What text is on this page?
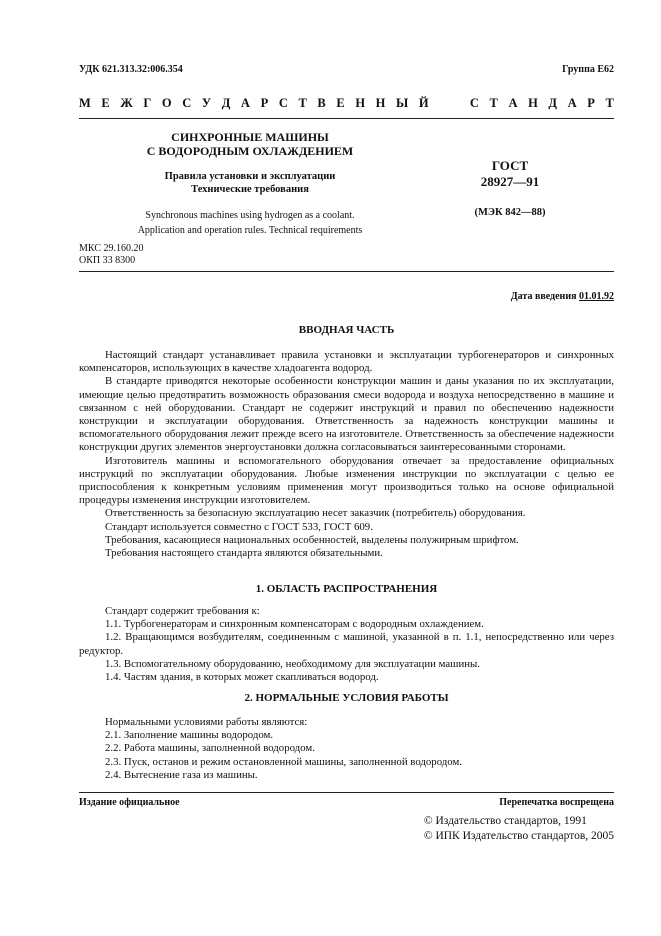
УДК 621.313.32:006.354	Группа Е62
М Е Ж Г О С У Д А Р С Т В Е Н Н Ы Й	С Т А Н Д А Р Т
СИНХРОННЫЕ МАШИНЫ
С ВОДОРОДНЫМ ОХЛАЖДЕНИЕМ
Правила установки и эксплуатации
Технические требования
Synchronous machines using hydrogen as a coolant.
Application and operation rules. Technical requirements
ГОСТ
28927—91
(МЭК 842—88)
МКС 29.160.20
ОКП 33 8300
Дата введения 01.01.92
ВВОДНАЯ ЧАСТЬ

Настоящий стандарт устанавливает правила установки и эксплуатации турбогенераторов и синхронных компенсаторов, использующих в качестве хладоагента водород.

В стандарте приводятся некоторые особенности конструкции машин и даны указания по их эксплуатации, имеющие целью предотвратить возможность образования смеси водорода и воздуха непосредственно в машине и связанном с ней оборудовании. Стандарт не содержит инструкций и правил по обеспечению надежности конструкции и эксплуатации оборудования. Ответственность за надежность конструкции машины и вспомогательного оборудования лежит прежде всего на изготовителе. Ответственность за обеспечение надежности конструкции других элементов энергоустановки должна согласовываться заинтересованными сторонами.

Изготовитель машины и вспомогательного оборудования отвечает за предоставление официальных инструкций по эксплуатации оборудования. Любые изменения инструкции по эксплуатации с целью ее приспособления к конкретным условиям применения могут производиться только на основе официальной процедуры изменения инструкции изготовителем.

Ответственность за безопасную эксплуатацию несет заказчик (потребитель) оборудования.

Стандарт используется совместно с ГОСТ 533, ГОСТ 609.

Требования, касающиеся национальных особенностей, выделены полужирным шрифтом.

Требования настоящего стандарта являются обязательными.

1. ОБЛАСТЬ РАСПРОСТРАНЕНИЯ

Стандарт содержит требования к:

1.1. Турбогенераторам и синхронным компенсаторам с водородным охлаждением.

1.2. Вращающимся возбудителям, соединенным с машиной, указанной в п. 1.1, непосредственно или через редуктор.

1.3. Вспомогательному оборудованию, необходимому для эксплуатации машины.

1.4. Частям здания, в которых может скапливаться водород.

2. НОРМАЛЬНЫЕ УСЛОВИЯ РАБОТЫ

Нормальными условиями работы являются:

2.1. Заполнение машины водородом.

2.2. Работа машины, заполненной водородом.

2.3. Пуск, останов и режим остановленной машины, заполненной водородом.

2.4. Вытеснение газа из машины.

Издание официальное	Перепечатка воспрещена
© Издательство стандартов, 1991
© ИПК Издательство стандартов, 2005
